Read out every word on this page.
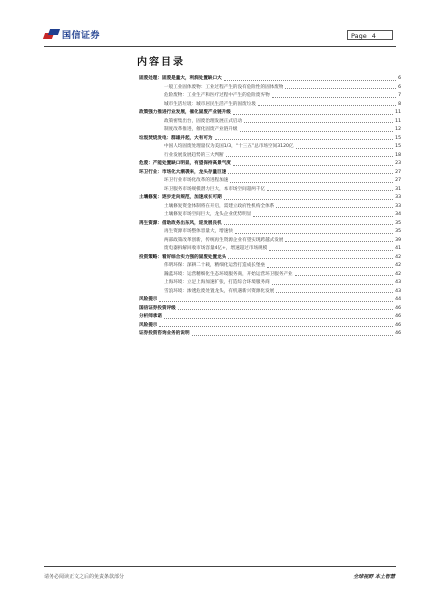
国信证券	Page 4
内容目录
固废处理：固废是量大，利润处置缺口大	6
一般工业固体废物：工业过程产生的没有危险性的固体废物	6
危险废物：工业生产和医疗过程中产生的危险废弃物	7
城市生活垃圾：城市居民生活产生的固废垃圾	8
政策强力推进行业发展，催化固废产业链升级	11
政策密集出台，固废治理发展正式启动	11
制度改革推进，催化固废产业链升级	12
垃圾焚烧发电：群雄并起，大有可为	15
中国人均固废处理量仅为美国1/3，“十三五”总市场空间3120亿	15
行业发展发展趋势的三大判断	18
危废：产能处置缺口明显，有望保持高景气度	23
环卫行业：市场化大潮袭来，龙头存量巨速	27
环卫行业市场化改革的进程加速	27
环卫服务市场规模潜力巨大，本市场空间超两千亿	31
土壤修复：逐步走向规范，加速成长可期	33
土壤修复资金体制将在开启，需建立政府性机构全体系	33
土壤修复市场空间巨大，龙头企业优势明显	34
再生资源：借助政务出东风，迎发展良机	35
再生资源市场整体容量大，增速快	35
两部政策改革创新，传统再生资源企业有望实现跨越式发展	39
废电器拆解回收市场容量4亿+，增速超过市场规模	41
投资策略：看好综合实力强的固废处置龙头	42
伟明环保：深耕二十载，精细化运营打造成长堡垒	42
瀚蓝环境：运营精细化生态环境服务商，开始运营环卫服务产业	42
上海环境：立足上海加速扩张，打造综合环境服务商	43
雪浪环境：渗透危废处置龙头，有机遇新兴资源化发展	43
风险提示	44
国信证券投资评级	46
分析师承诺	46
风险提示	46
证券投资咨询业务的说明	46
请务必阅读正文之后的免责条款部分	全球视野 本土智慧
